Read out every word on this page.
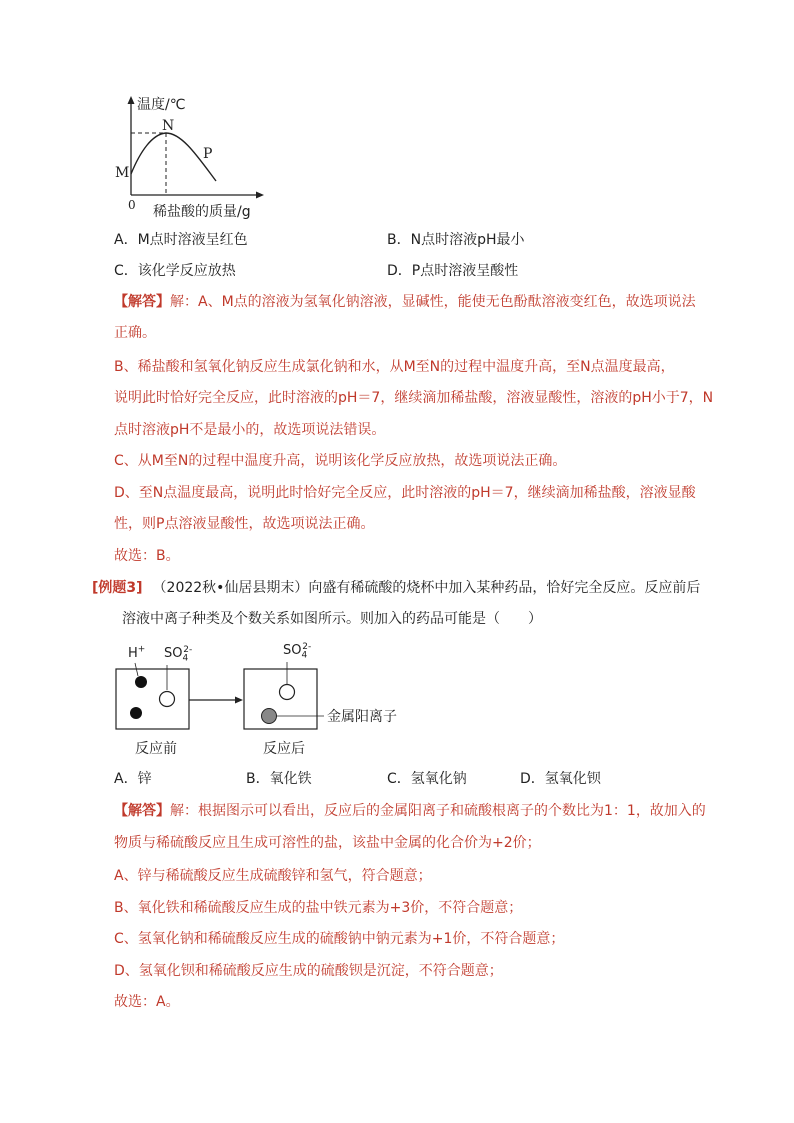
温度/℃
N
P
M
0 稀盐酸的质量/g
A．M点时溶液呈红色	B．N点时溶液pH最小
C．该化学反应放热	D．P点时溶液呈酸性
【解答】解：A、M点的溶液为氢氧化钠溶液，显碱性，能使无色酚酞溶液变红色，故选项说法
正确。
B、稀盐酸和氢氧化钠反应生成氯化钠和水，从M至N的过程中温度升高，至N点温度最高，
说明此时恰好完全反应，此时溶液的pH＝7，继续滴加稀盐酸，溶液显酸性，溶液的pH小于7，N
点时溶液pH不是最小的，故选项说法错误。
C、从M至N的过程中温度升高，说明该化学反应放热，故选项说法正确。
D、至N点温度最高，说明此时恰好完全反应，此时溶液的pH＝7，继续滴加稀盐酸，溶液显酸
性，则P点溶液显酸性，故选项说法正确。
故选：B。
[例题3] （2022秋•仙居县期末）向盛有稀硫酸的烧杯中加入某种药品，恰好完全反应。反应前后
溶液中离子种类及个数关系如图所示。则加入的药品可能是（　　）
H+ $SO_4^{2-}$	$SO_4^{2-}$
金属阳离子
反应前	反应后
A．锌	B．氧化铁	C．氢氧化钠	D．氢氧化钡
【解答】解：根据图示可以看出，反应后的金属阳离子和硫酸根离子的个数比为1：1，故加入的
物质与稀硫酸反应且生成可溶性的盐，该盐中金属的化合价为+2价；
A、锌与稀硫酸反应生成硫酸锌和氢气，符合题意；
B、氧化铁和稀硫酸反应生成的盐中铁元素为+3价，不符合题意；
C、氢氧化钠和稀硫酸反应生成的硫酸钠中钠元素为+1价，不符合题意；
D、氢氧化钡和稀硫酸反应生成的硫酸钡是沉淀，不符合题意；
故选：A。
